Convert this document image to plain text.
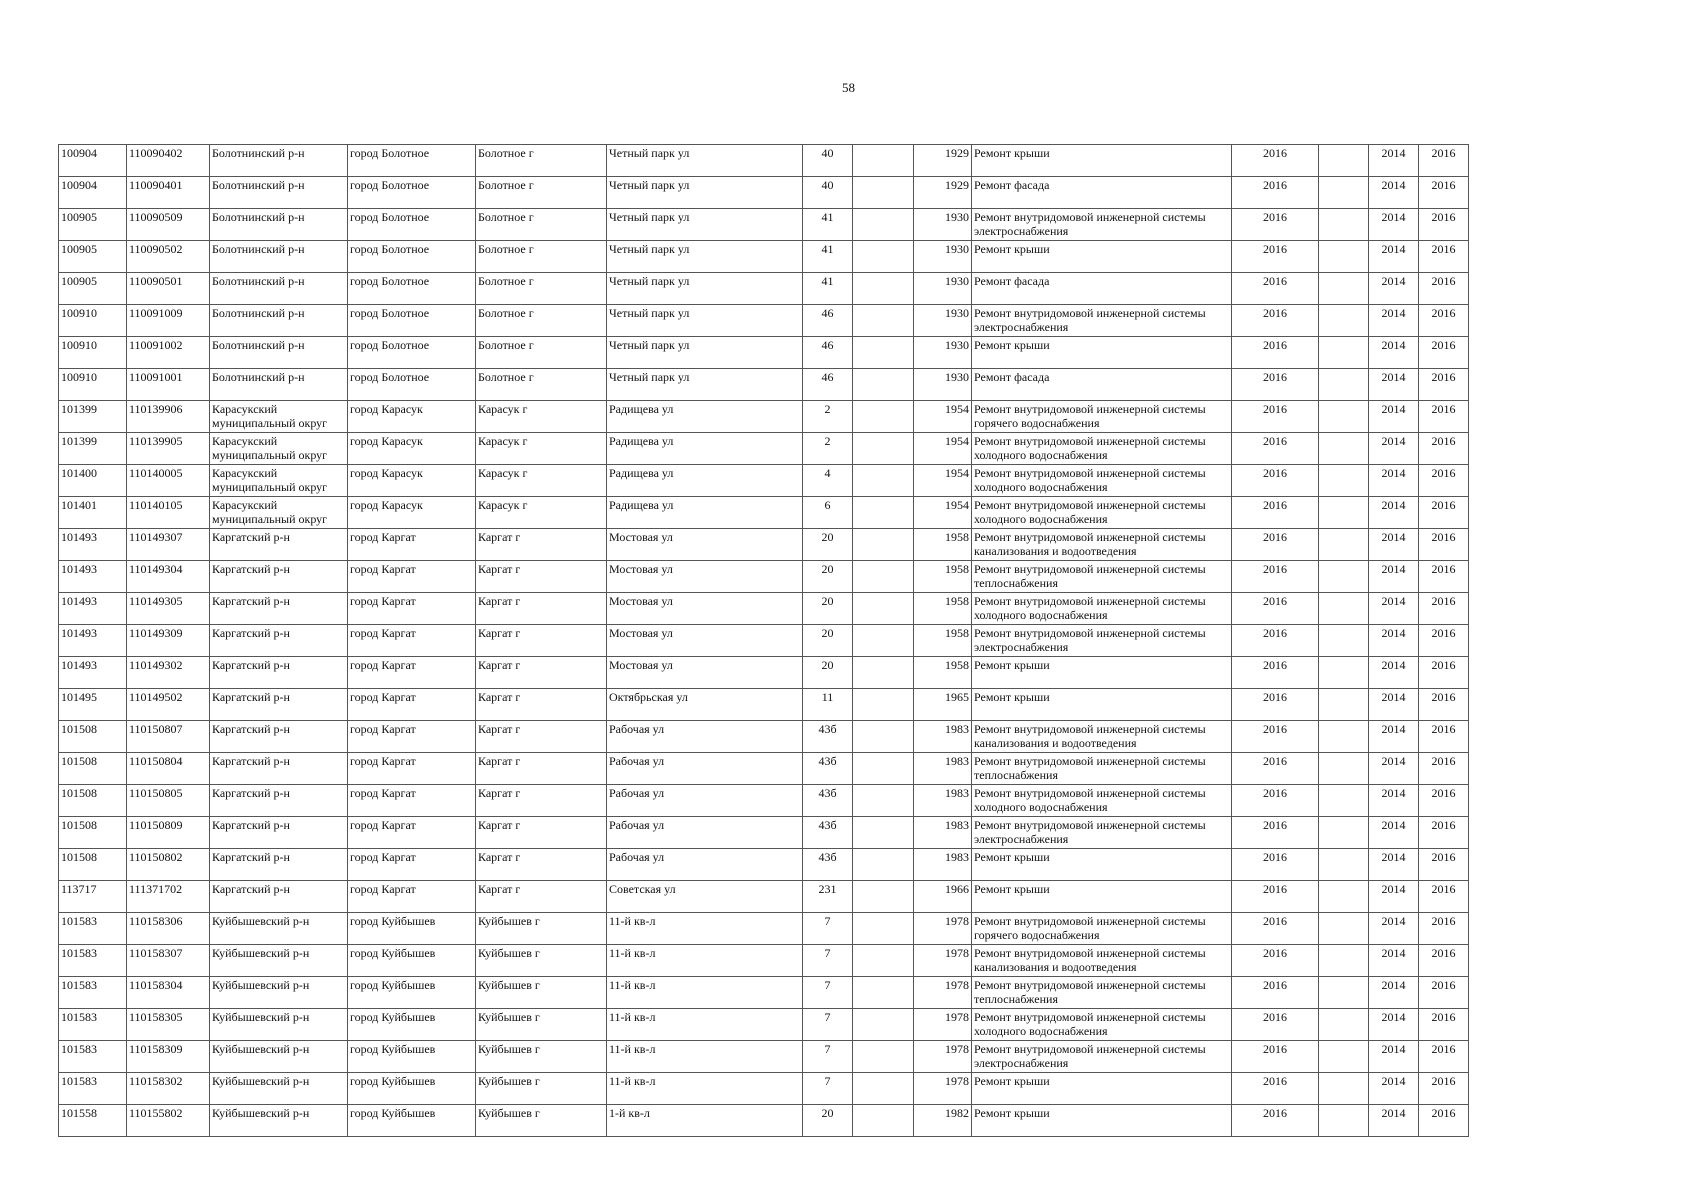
58
100904	110090402	Болотнинский р-н	город Болотное	Болотное г	Четный парк ул	40		1929	Ремонт крыши	2016		2014	2016
100904	110090401	Болотнинский р-н	город Болотное	Болотное г	Четный парк ул	40		1929	Ремонт фасада	2016		2014	2016
100905	110090509	Болотнинский р-н	город Болотное	Болотное г	Четный парк ул	41		1930	Ремонт внутридомовой инженерной системы электроснабжения	2016		2014	2016
100905	110090502	Болотнинский р-н	город Болотное	Болотное г	Четный парк ул	41		1930	Ремонт крыши	2016		2014	2016
100905	110090501	Болотнинский р-н	город Болотное	Болотное г	Четный парк ул	41		1930	Ремонт фасада	2016		2014	2016
100910	110091009	Болотнинский р-н	город Болотное	Болотное г	Четный парк ул	46		1930	Ремонт внутридомовой инженерной системы электроснабжения	2016		2014	2016
100910	110091002	Болотнинский р-н	город Болотное	Болотное г	Четный парк ул	46		1930	Ремонт крыши	2016		2014	2016
100910	110091001	Болотнинский р-н	город Болотное	Болотное г	Четный парк ул	46		1930	Ремонт фасада	2016		2014	2016
101399	110139906	Карасукский муниципальный округ	город Карасук	Карасук г	Радищева ул	2		1954	Ремонт внутридомовой инженерной системы горячего водоснабжения	2016		2014	2016
101399	110139905	Карасукский муниципальный округ	город Карасук	Карасук г	Радищева ул	2		1954	Ремонт внутридомовой инженерной системы холодного водоснабжения	2016		2014	2016
101400	110140005	Карасукский муниципальный округ	город Карасук	Карасук г	Радищева ул	4		1954	Ремонт внутридомовой инженерной системы холодного водоснабжения	2016		2014	2016
101401	110140105	Карасукский муниципальный округ	город Карасук	Карасук г	Радищева ул	6		1954	Ремонт внутридомовой инженерной системы холодного водоснабжения	2016		2014	2016
101493	110149307	Каргатский р-н	город Каргат	Каргат г	Мостовая ул	20		1958	Ремонт внутридомовой инженерной системы канализования и водоотведения	2016		2014	2016
101493	110149304	Каргатский р-н	город Каргат	Каргат г	Мостовая ул	20		1958	Ремонт внутридомовой инженерной системы теплоснабжения	2016		2014	2016
101493	110149305	Каргатский р-н	город Каргат	Каргат г	Мостовая ул	20		1958	Ремонт внутридомовой инженерной системы холодного водоснабжения	2016		2014	2016
101493	110149309	Каргатский р-н	город Каргат	Каргат г	Мостовая ул	20		1958	Ремонт внутридомовой инженерной системы электроснабжения	2016		2014	2016
101493	110149302	Каргатский р-н	город Каргат	Каргат г	Мостовая ул	20		1958	Ремонт крыши	2016		2014	2016
101495	110149502	Каргатский р-н	город Каргат	Каргат г	Октябрьская ул	11		1965	Ремонт крыши	2016		2014	2016
101508	110150807	Каргатский р-н	город Каргат	Каргат г	Рабочая ул	43б		1983	Ремонт внутридомовой инженерной системы канализования и водоотведения	2016		2014	2016
101508	110150804	Каргатский р-н	город Каргат	Каргат г	Рабочая ул	43б		1983	Ремонт внутридомовой инженерной системы теплоснабжения	2016		2014	2016
101508	110150805	Каргатский р-н	город Каргат	Каргат г	Рабочая ул	43б		1983	Ремонт внутридомовой инженерной системы холодного водоснабжения	2016		2014	2016
101508	110150809	Каргатский р-н	город Каргат	Каргат г	Рабочая ул	43б		1983	Ремонт внутридомовой инженерной системы электроснабжения	2016		2014	2016
101508	110150802	Каргатский р-н	город Каргат	Каргат г	Рабочая ул	43б		1983	Ремонт крыши	2016		2014	2016
113717	111371702	Каргатский р-н	город Каргат	Каргат г	Советская ул	231		1966	Ремонт крыши	2016		2014	2016
101583	110158306	Куйбышевский р-н	город Куйбышев	Куйбышев г	11-й кв-л	7		1978	Ремонт внутридомовой инженерной системы горячего водоснабжения	2016		2014	2016
101583	110158307	Куйбышевский р-н	город Куйбышев	Куйбышев г	11-й кв-л	7		1978	Ремонт внутридомовой инженерной системы канализования и водоотведения	2016		2014	2016
101583	110158304	Куйбышевский р-н	город Куйбышев	Куйбышев г	11-й кв-л	7		1978	Ремонт внутридомовой инженерной системы теплоснабжения	2016		2014	2016
101583	110158305	Куйбышевский р-н	город Куйбышев	Куйбышев г	11-й кв-л	7		1978	Ремонт внутридомовой инженерной системы холодного водоснабжения	2016		2014	2016
101583	110158309	Куйбышевский р-н	город Куйбышев	Куйбышев г	11-й кв-л	7		1978	Ремонт внутридомовой инженерной системы электроснабжения	2016		2014	2016
101583	110158302	Куйбышевский р-н	город Куйбышев	Куйбышев г	11-й кв-л	7		1978	Ремонт крыши	2016		2014	2016
101558	110155802	Куйбышевский р-н	город Куйбышев	Куйбышев г	1-й кв-л	20		1982	Ремонт крыши	2016		2014	2016
